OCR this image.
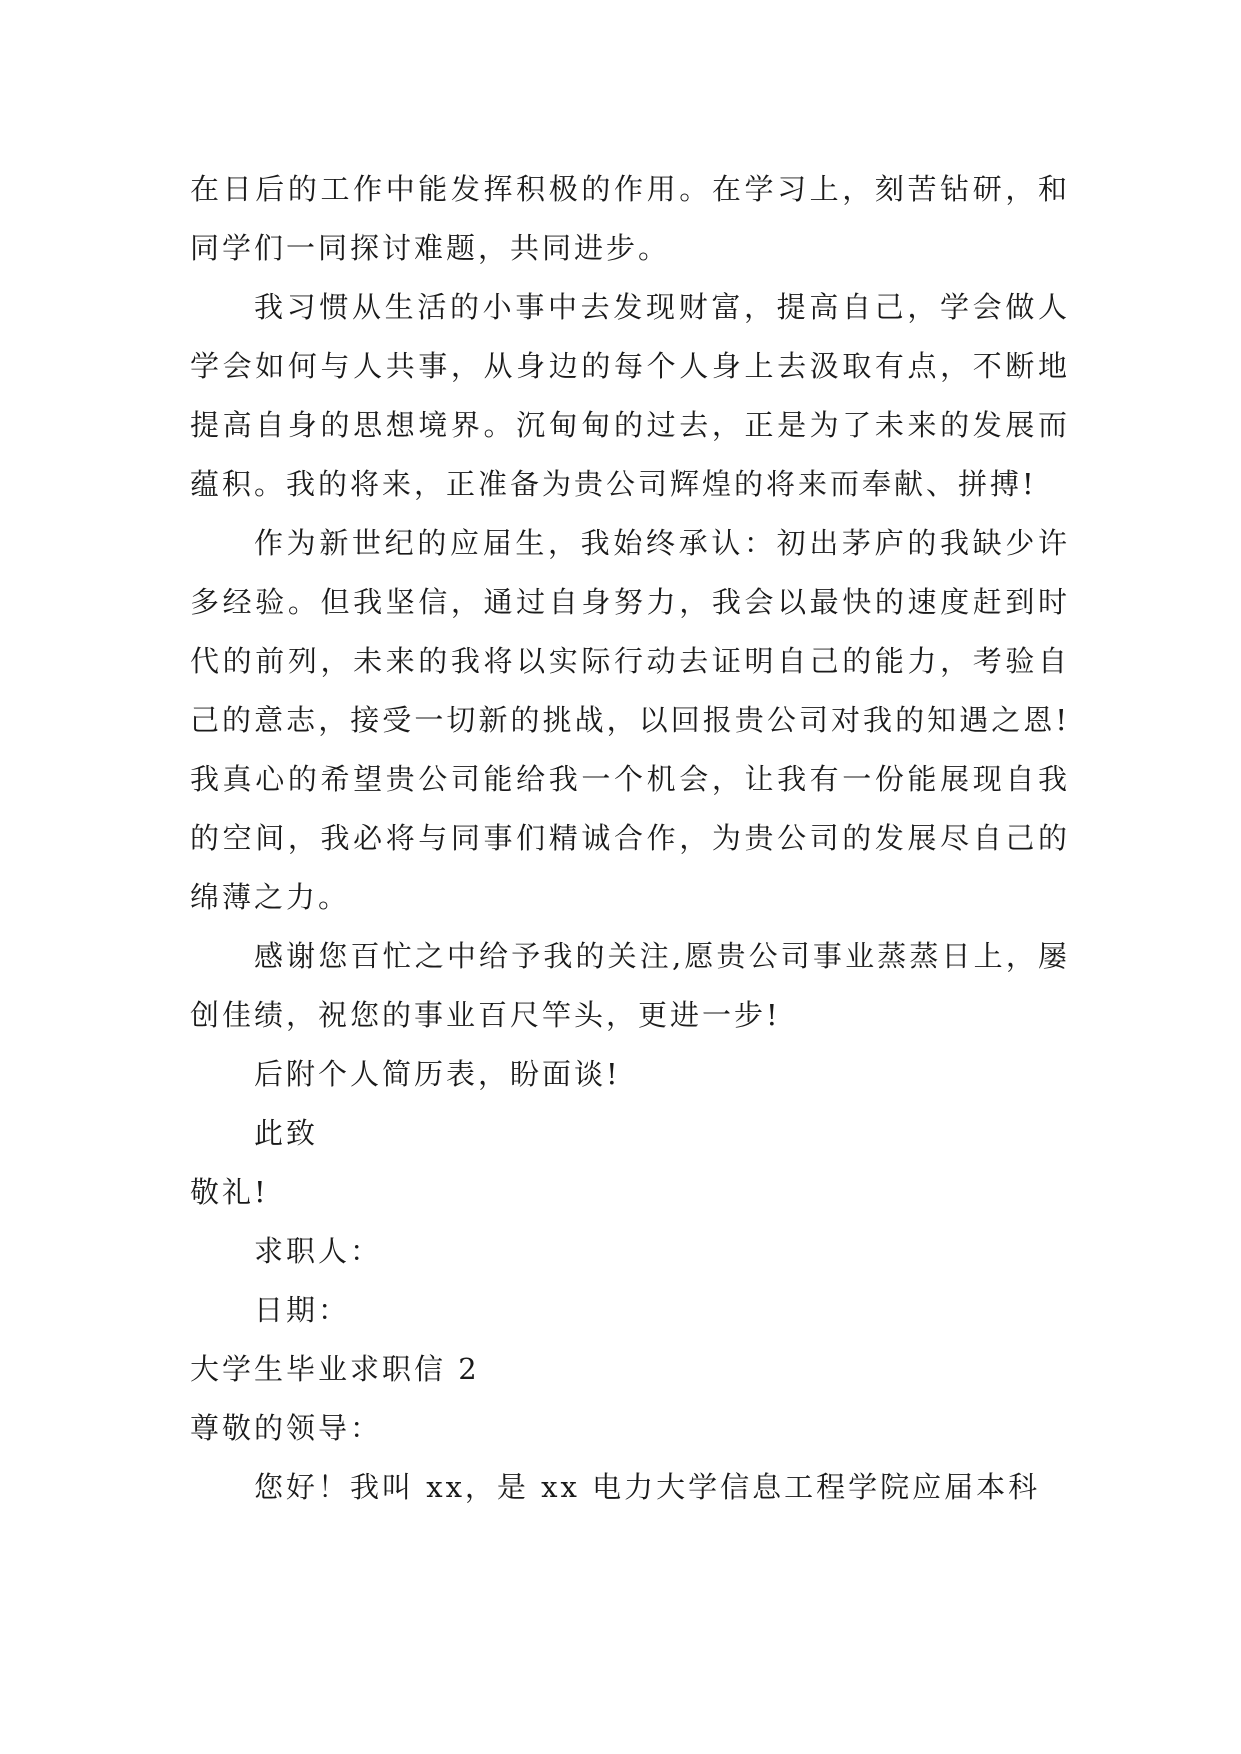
在日后的工作中能发挥积极的作用。在学习上，刻苦钻研，和同学们一同探讨难题，共同进步。

我习惯从生活的小事中去发现财富，提高自己，学会做人学会如何与人共事，从身边的每个人身上去汲取有点，不断地提高自身的思想境界。沉甸甸的过去，正是为了未来的发展而蕴积。我的将来，正准备为贵公司辉煌的将来而奉献、拼搏!

作为新世纪的应届生，我始终承认：初出茅庐的我缺少许多经验。但我坚信，通过自身努力，我会以最快的速度赶到时代的前列，未来的我将以实际行动去证明自己的能力，考验自己的意志，接受一切新的挑战，以回报贵公司对我的知遇之恩!我真心的希望贵公司能给我一个机会，让我有一份能展现自我的空间，我必将与同事们精诚合作，为贵公司的发展尽自己的绵薄之力。

感谢您百忙之中给予我的关注,愿贵公司事业蒸蒸日上，屡创佳绩，祝您的事业百尺竿头，更进一步!

后附个人简历表，盼面谈!

此致

敬礼!

求职人：

日期：

大学生毕业求职信 2

尊敬的领导：

您好！我叫 xx，是 xx 电力大学信息工程学院应届本科
